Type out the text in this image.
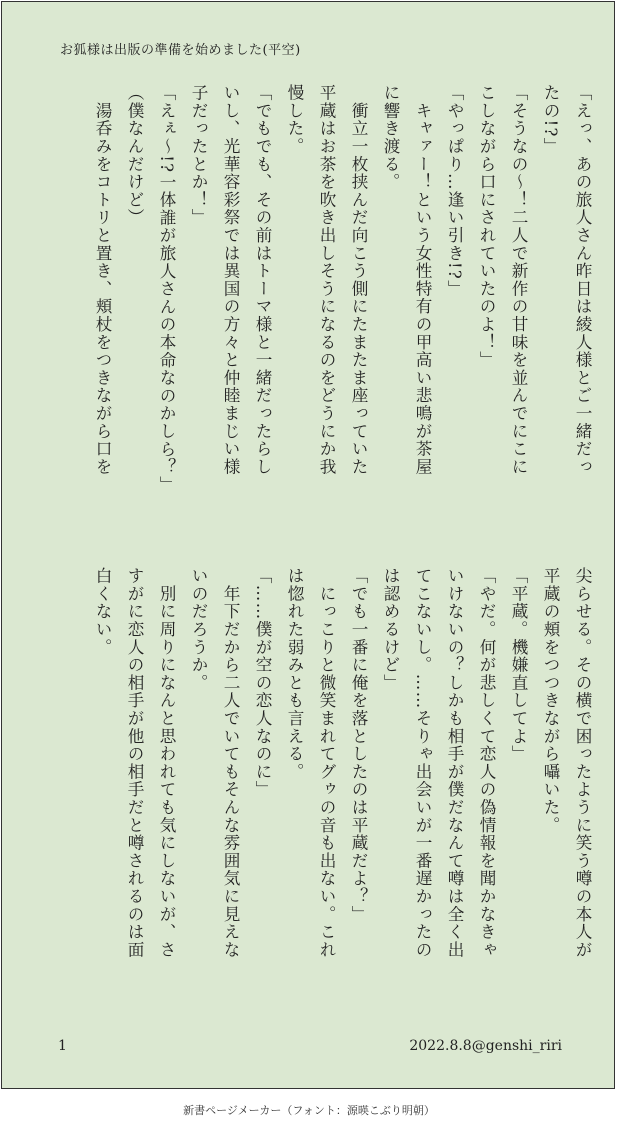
お狐様は出版の準備を始めました(平空)
「えっ、あの旅人さん昨日は綾人様とご一緒だっ
たの!?」
「そうなの～！二人で新作の甘味を並んでにこに
こしながら口にされていたのよ！」
「やっぱり…逢い引き!?」
　キャァー！という女性特有の甲高い悲鳴が茶屋
に響き渡る。
　衝立一枚挟んだ向こう側にたまたま座っていた
平蔵はお茶を吹き出しそうになるのをどうにか我
慢した。
「でもでも、その前はトーマ様と一緒だったらし
いし、光華容彩祭では異国の方々と仲睦まじい様
子だったとか！」
「えぇ～!?一体誰が旅人さんの本命なのかしら？」
（僕なんだけど）
　湯呑みをコトリと置き、頬杖をつきながら口を
尖らせる。その横で困ったように笑う噂の本人が
平蔵の頬をつつきながら囁いた。
「平蔵。機嫌直してよ」
「やだ。何が悲しくて恋人の偽情報を聞かなきゃ
いけないの？しかも相手が僕だなんて噂は全く出
てこないし。……そりゃ出会いが一番遅かったの
は認めるけど」
「でも一番に俺を落としたのは平蔵だよ？」
　にっこりと微笑まれてグゥの音も出ない。これ
は惚れた弱みとも言える。
「……僕が空の恋人なのに」
　年下だから二人でいてもそんな雰囲気に見えな
いのだろうか。
　別に周りになんと思われても気にしないが、さ
すがに恋人の相手が他の相手だと噂されるのは面
白くない。
1	2022.8.8@genshi_riri
新書ページメーカー（フォント：源暎こぶり明朝）
